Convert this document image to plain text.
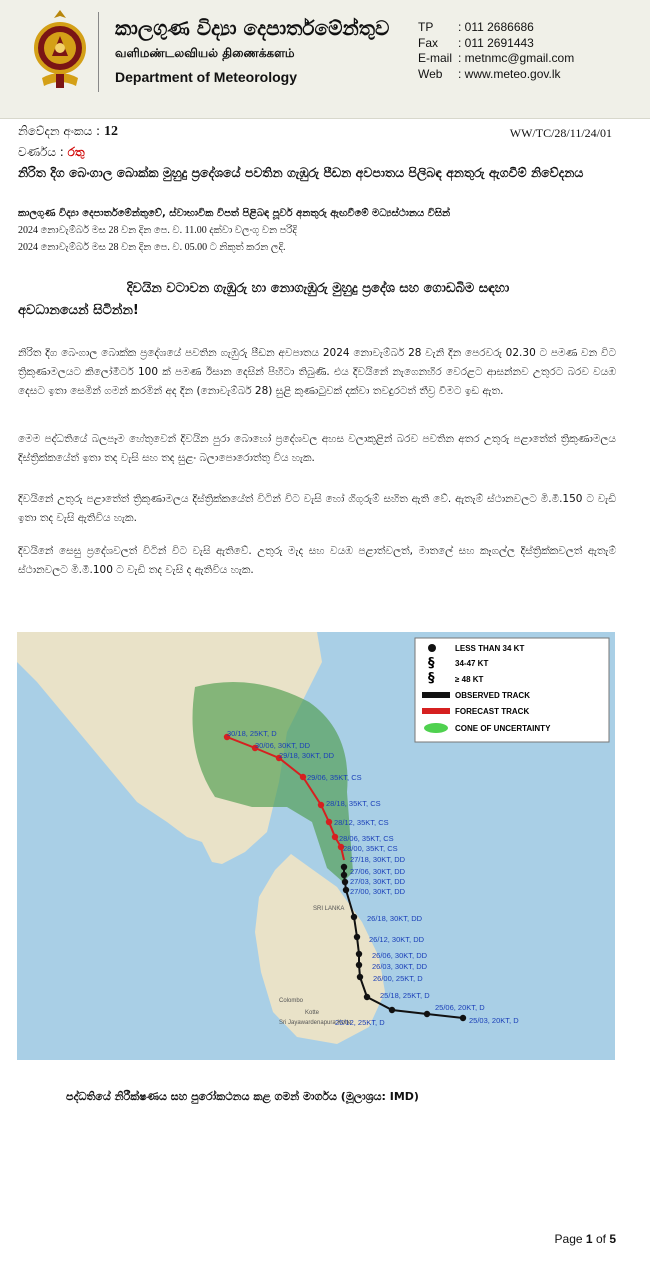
කාලගුණ විද්‍යා දෙපාර්තමේන්තුව
வளிமண்டலவியல் திணைக்களம்
Department of Meteorology
TP	: 011 2686686
Fax	: 011 2691443
E-mail : metnmc@gmail.com
Web	: www.meteo.gov.lk
නිවේදන අංකය : 12
වර්ණය : රතු
WW/TC/28/11/24/01
නිරිත දිග බෙංගාල බොක්ක මුහුදු ප්‍රදේශයේ පවතින ගැඹුරු පීඩන අවපාතය පිලිබඳ අනතුරු ඇගවීම් නිවේදනය
කාලගුණ විද්‍යා දෙපාර්තමේන්තුවේ, ස්වාභාවික විපත් පිළිබඳ පූර්ව අනතුරු ඇඟවීමේ මධ්‍යස්ථානය විසින්
2024 නොවැම්බර් මස 28 වන දින පෙ. ව. 11.00 දක්වා වලංගු වන පරිදි
2024 නොවැම්බර් මස 28 වන දින පෙ. ව. 05.00 ට නිකුත් කරන ලදි.
දිවයින වටාවන ගැඹුරු හා නොගැඹුරු මුහුදු ප්‍රදේශ සහ ගොඩබිම සඳහා
අවධානයෙන් සිටින්න!
නිරිත දිග බෙංගාල බොක්ක ප්‍රදේශයේ පවතින ගැඹුරු පීඩන අවපාතය 2024 නොවැම්බර් 28 වැනි දින පෙරවරු 02.30 ට පමණ වන විට ත්‍රිකුණාමලයට කිලෝමීටර් 100 ක් පමණ ඊසාන දෙසින් පිහිටා තිබුණි. එය දිවයිනේ නැගෙනහිර වෙරළට ආසන්නව උතුරට බරව වයඹ දෙසට ඉතා සෙමින් ගමන් කරමින් අද දින (නොවැම්බර් 28) සුළි කුණාටුවක් දක්වා තවදුරටත් තීව්‍ර වීමට ඉඩ ඇත.
මෙම පද්ධතියේ බලපෑම හේතුවෙන් දිවයින පුරා බොහෝ ප්‍රදේශවල අහස වලාකුළින් බරව පවතින අතර උතුරු පළාතේත් ත්‍රිකුණාමලය දිස්ත්‍රික්කයේත් ඉතා තද වැසි සහ තද සුළං බලාපොරොත්තු විය හැක.
දිවයිනේ උතුරු පළාතේත් ත්‍රිකුණාමලය දිස්ත්‍රික්කයේත් විටින් විට වැසි හෝ ගිගුරුම් සහිත ඇති වේ. ඇතැම් ස්ථානවලට මි.මී.150 ට වැඩි ඉතා තද වැසි ඇතිවිය හැක.
දිවයිනේ සෙසු ප්‍රදේශවලත් විටින් විට වැසි ඇතිවේ. උතුරු මැද සහ වයඹ පළාත්වලත්, මාතලේ සහ කෑගල්ල දිස්ත්‍රික්කවලත් ඇතැම් ස්ථානවලට මි.මී.100 ට වැඩි තද වැසි ද ඇතිවිය හැක.
30/18, 25KT, D
30/06, 30KT, DD
29/18, 30KT, DD
29/06, 35KT, CS
28/18, 35KT, CS
28/12, 35KT, CS
28/06, 35KT, CS
28/00, 35KT, CS
27/18, 30KT, DD
27/06, 30KT, DD
27/03, 30KT, DD
27/00, 30KT, DD
26/18, 30KT, DD
26/12, 30KT, DD
26/06, 30KT, DD
26/03, 30KT, DD
26/00, 25KT, D
25/18, 25KT, D
25/12, 25KT, D
25/06, 20KT, D
25/03, 20KT, D
SRI LANKA
Colombo
Kotte
Sri Jayawardenapura Kotte
LESS THAN 34 KT
§	34-47 KT
§	≥ 48 KT
OBSERVED TRACK
FORECAST TRACK
CONE OF UNCERTAINTY
පද්ධතියේ නිරීක්ෂණය සහ පුරෝකථනය කළ ගමන් මාර්ගය (මූලාශ්‍රය: IMD)
Page 1 of 5
